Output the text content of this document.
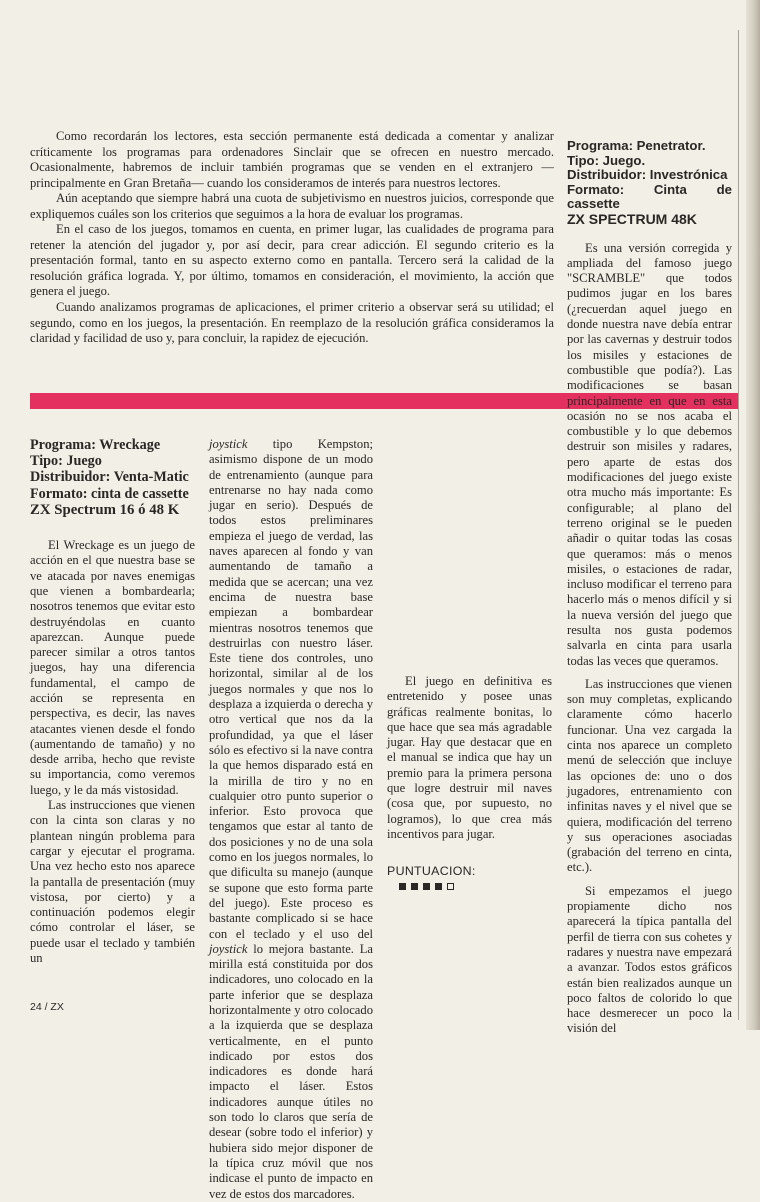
Como recordarán los lectores, esta sección permanente está dedicada a comentar y analizar críticamente los programas para ordenadores Sinclair que se ofrecen en nuestro mercado. Ocasionalmente, habremos de incluir también programas que se venden en el extranjero —principalmente en Gran Bretaña— cuando los consideramos de interés para nuestros lectores.

Aún aceptando que siempre habrá una cuota de subjetivismo en nuestros juicios, corresponde que expliquemos cuáles son los criterios que seguimos a la hora de evaluar los programas.

En el caso de los juegos, tomamos en cuenta, en primer lugar, las cualidades de programa para retener la atención del jugador y, por así decir, para crear adicción. El segundo criterio es la presentación formal, tanto en su aspecto externo como en pantalla. Tercero será la calidad de la resolución gráfica lograda. Y, por último, tomamos en consideración, el movimiento, la acción que genera el juego.

Cuando analizamos programas de aplicaciones, el primer criterio a observar será su utilidad; el segundo, como en los juegos, la presentación. En reemplazo de la resolución gráfica consideramos la claridad y facilidad de uso y, para concluir, la rapidez de ejecución.

Programa: Wreckage
Tipo: Juego
Distribuidor: Venta-Matic
Formato: cinta de cassette
ZX Spectrum 16 ó 48 K

El Wreckage es un juego de acción en el que nuestra base se ve atacada por naves enemigas que vienen a bombardearla; nosotros tenemos que evitar esto destruyéndolas en cuanto aparezcan. Aunque puede parecer similar a otros tantos juegos, hay una diferencia fundamental, el campo de acción se representa en perspectiva, es decir, las naves atacantes vienen desde el fondo (aumentando de tamaño) y no desde arriba, hecho que reviste su importancia, como veremos luego, y le da más vistosidad.

Las instrucciones que vienen con la cinta son claras y no plantean ningún problema para cargar y ejecutar el programa. Una vez hecho esto nos aparece la pantalla de presentación (muy vistosa, por cierto) y a continuación podemos elegir cómo controlar el láser, se puede usar el teclado y también un

joystick tipo Kempston; asimismo dispone de un modo de entrenamiento (aunque para entrenarse no hay nada como jugar en serio). Después de todos estos preliminares empieza el juego de verdad, las naves aparecen al fondo y van aumentando de tamaño a medida que se acercan; una vez encima de nuestra base empiezan a bombardear mientras nosotros tenemos que destruirlas con nuestro láser. Este tiene dos controles, uno horizontal, similar al de los juegos normales y que nos lo desplaza a izquierda o derecha y otro vertical que nos da la profundidad, ya que el láser sólo es efectivo si la nave contra la que hemos disparado está en la mirilla de tiro y no en cualquier otro punto superior o inferior. Esto provoca que tengamos que estar al tanto de dos posiciones y no de una sola como en los juegos normales, lo que dificulta su manejo (aunque se supone que esto forma parte del juego). Este proceso es bastante complicado si se hace con el teclado y el uso del joystick lo mejora bastante. La mirilla está constituida por dos indicadores, uno colocado en la parte inferior que se desplaza horizontalmente y otro colocado a la izquierda que se desplaza verticalmente, en el punto indicado por estos dos indicadores es donde hará impacto el láser. Estos indicadores aunque útiles no son todo lo claros que sería de desear (sobre todo el inferior) y hubiera sido mejor disponer de la típica cruz móvil que nos indicase el punto de impacto en vez de estos dos marcadores.

El juego en definitiva es entretenido y posee unas gráficas realmente bonitas, lo que hace que sea más agradable jugar. Hay que destacar que en el manual se indica que hay un premio para la primera persona que logre destruir mil naves (cosa que, por supuesto, no logramos), lo que crea más incentivos para jugar.

PUNTUACION:
Programa: Penetrator.
Tipo: Juego.
Distribuidor: Investrónica
Formato: Cinta de cassette
ZX SPECTRUM 48K

Es una versión corregida y ampliada del famoso juego "SCRAMBLE" que todos pudimos jugar en los bares (¿recuerdan aquel juego en donde nuestra nave debía entrar por las cavernas y destruir todos los misiles y estaciones de combustible que podía?). Las modificaciones se basan principalmente en que en esta ocasión no se nos acaba el combustible y lo que debemos destruir son misiles y radares, pero aparte de estas dos modificaciones del juego existe otra mucho más importante: Es configurable; al plano del terreno original se le pueden añadir o quitar todas las cosas que queramos: más o menos misiles, o estaciones de radar, incluso modificar el terreno para hacerlo más o menos difícil y si la nueva versión del juego que resulta nos gusta podemos salvarla en cinta para usarla todas las veces que queramos.

Las instrucciones que vienen son muy completas, explicando claramente cómo hacerlo funcionar. Una vez cargada la cinta nos aparece un completo menú de selección que incluye las opciones de: uno o dos jugadores, entrenamiento con infinitas naves y el nivel que se quiera, modificación del terreno y sus operaciones asociadas (grabación del terreno en cinta, etc.).

Si empezamos el juego propiamente dicho nos aparecerá la típica pantalla del perfil de tierra con sus cohetes y radares y nuestra nave empezará a avanzar. Todos estos gráficos están bien realizados aunque un poco faltos de colorido lo que hace desmerecer un poco la visión del

24 / ZX
